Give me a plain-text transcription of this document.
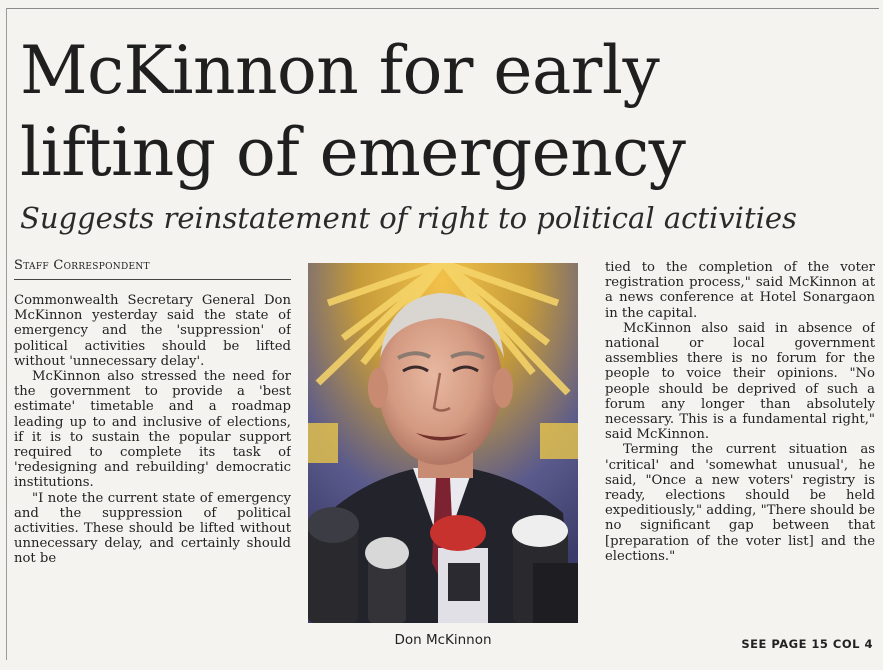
McKinnon for early lifting of emergency
Suggests reinstatement of right to political activities
Staff Correspondent

Commonwealth Secretary General Don McKinnon yesterday said the state of emergency and the 'suppression' of political activities should be lifted without 'unnecessary delay'.

McKinnon also stressed the need for the government to provide a 'best estimate' timetable and a roadmap leading up to and inclusive of elections, if it is to sustain the popular support required to complete its task of 'redesigning and rebuilding' democratic institutions.

"I note the current state of emergency and the suppression of political activities. These should be lifted without unnecessary delay, and certainly should not be

Don McKinnon

tied to the completion of the voter registration process," said McKinnon at a news conference at Hotel Sonargaon in the capital.

McKinnon also said in absence of national or local government assemblies there is no forum for the people to voice their opinions. "No people should be deprived of such a forum any longer than absolutely necessary. This is a fundamental right," said McKinnon.

Terming the current situation as 'critical' and 'somewhat unusual', he said, "Once a new voters' registry is ready, elections should be held expeditiously," adding, "There should be no significant gap between that [preparation of the voter list] and the elections."

SEE PAGE 15 COL 4
